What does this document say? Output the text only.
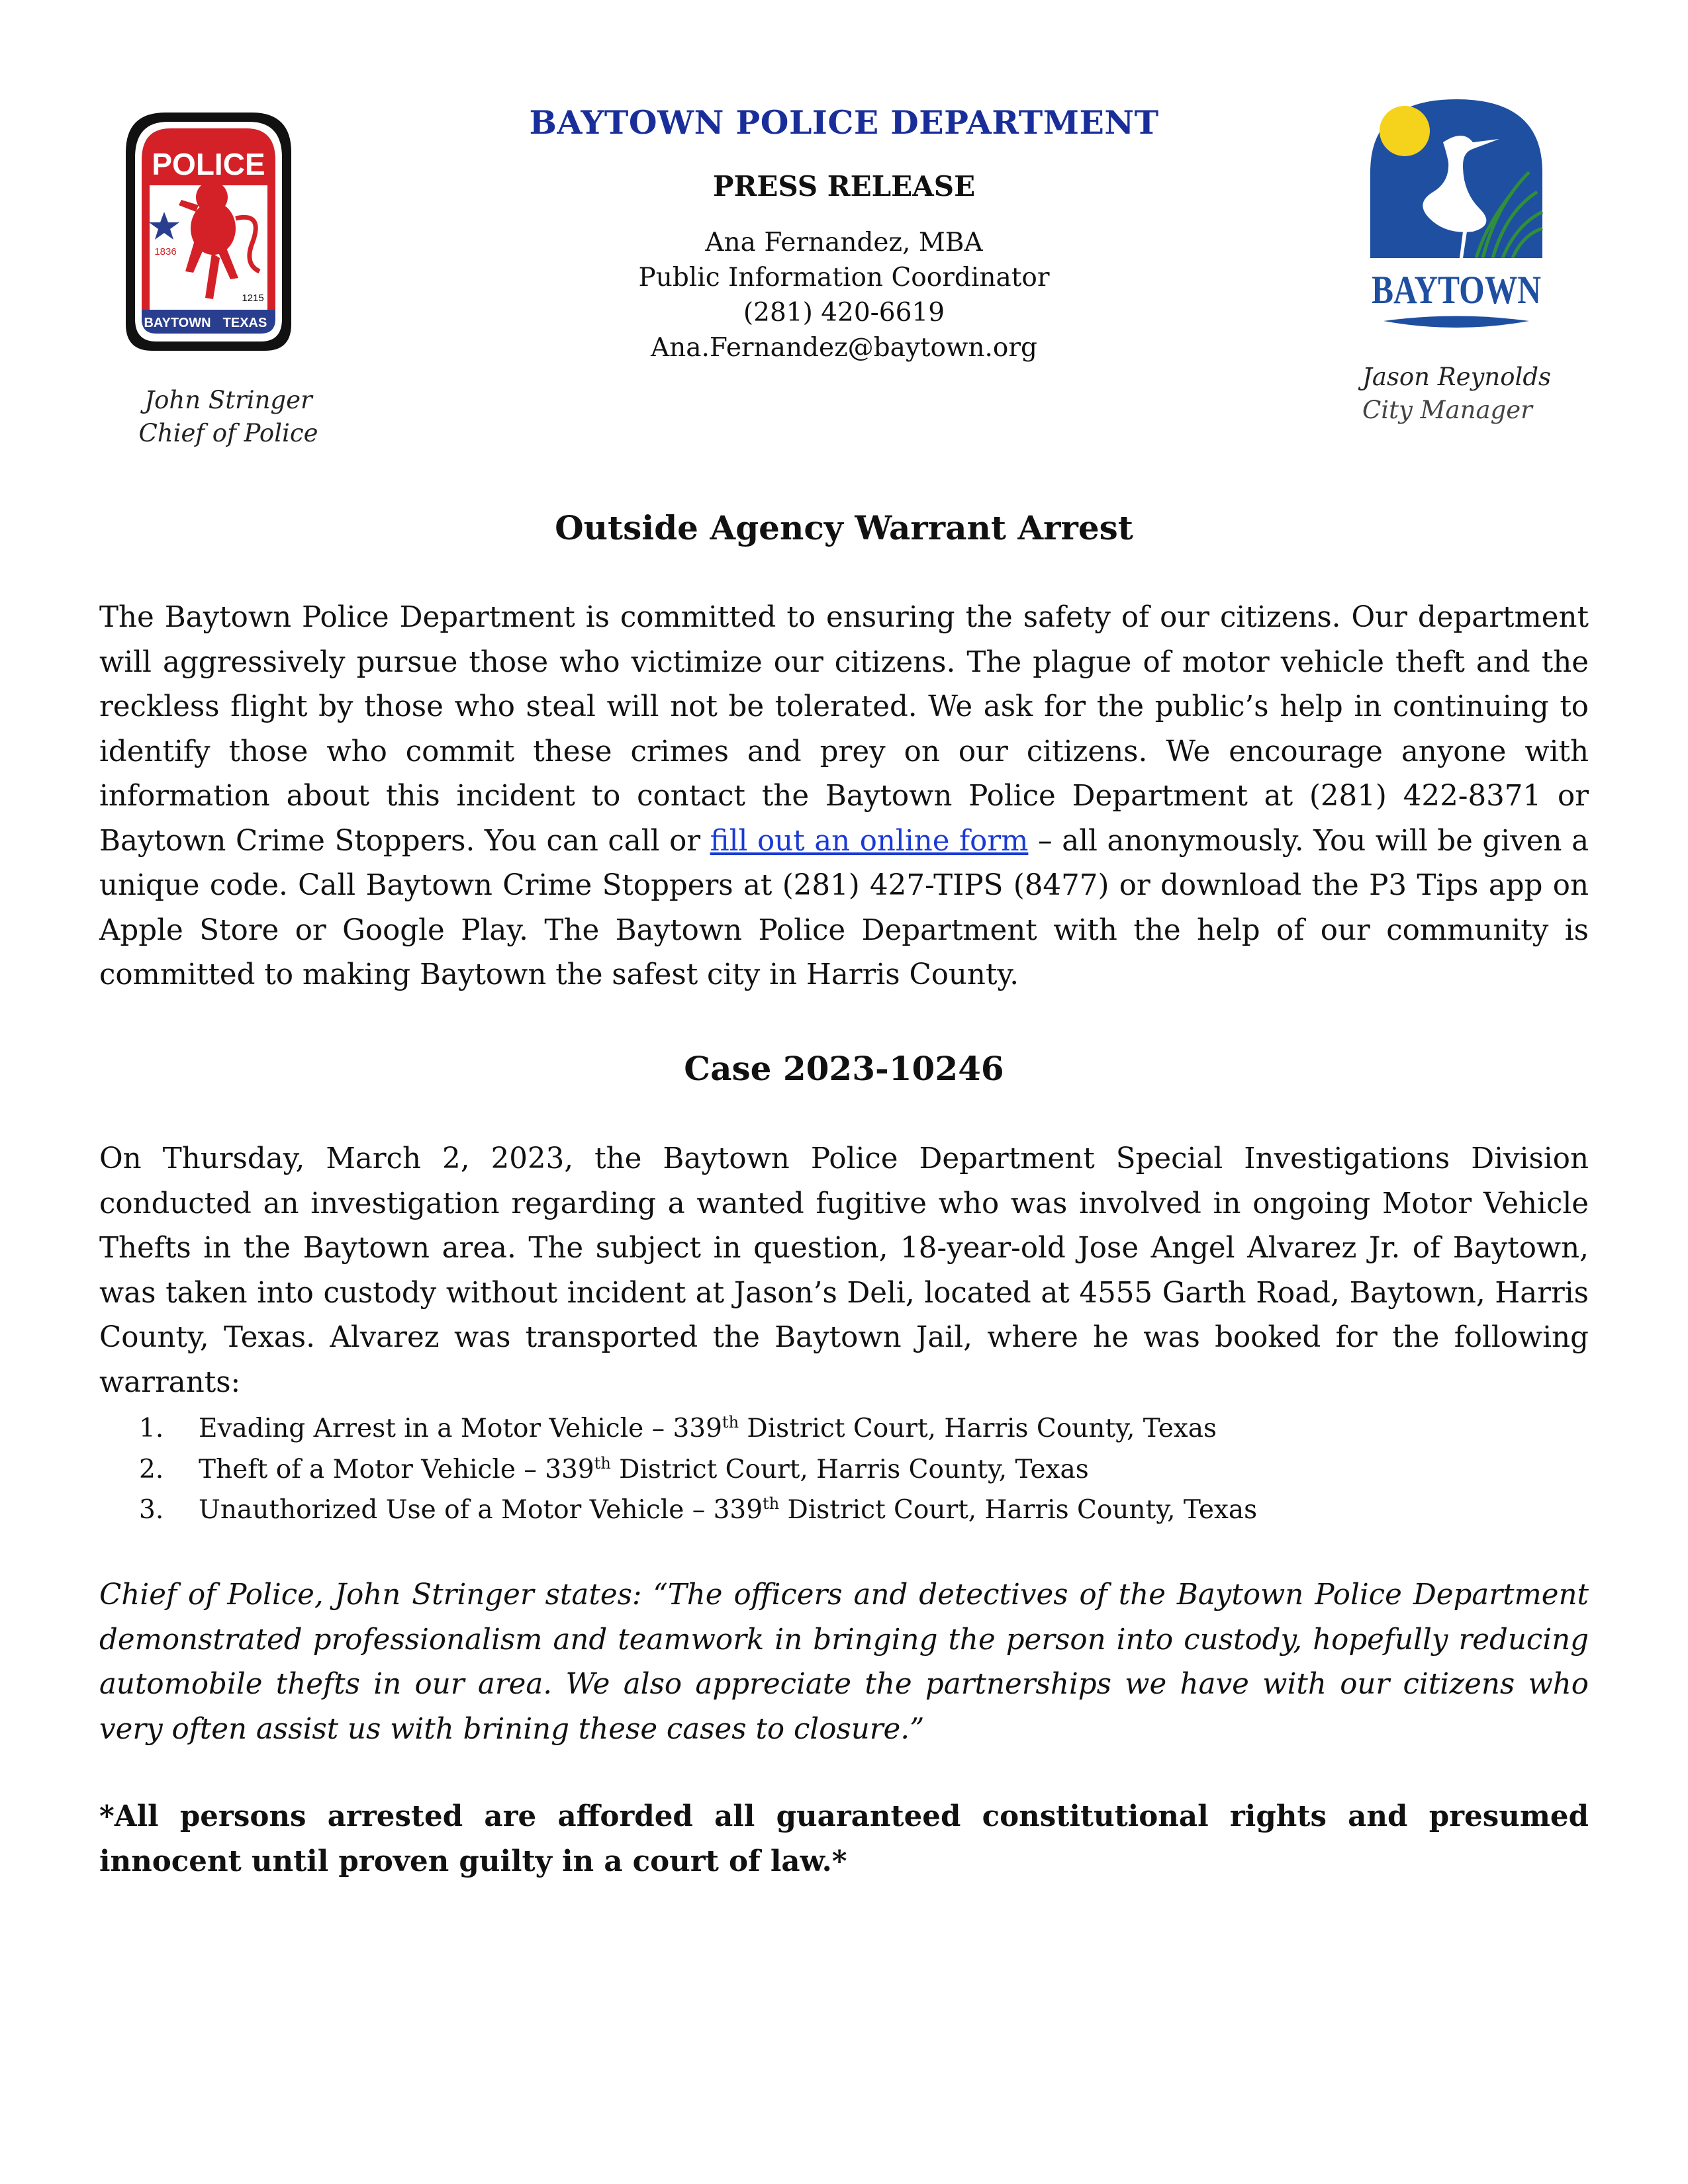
POLICE
1836
1215
BAYTOWN TEXAS
John Stringer
Chief of Police
BAYTOWN POLICE DEPARTMENT
PRESS RELEASE
Ana Fernandez, MBA
Public Information Coordinator
(281) 420-6619
Ana.Fernandez@baytown.org
BAYTOWN
Jason Reynolds
City Manager
Outside Agency Warrant Arrest

The Baytown Police Department is committed to ensuring the safety of our citizens. Our department will aggressively pursue those who victimize our citizens. The plague of motor vehicle theft and the reckless flight by those who steal will not be tolerated. We ask for the public’s help in continuing to identify those who commit these crimes and prey on our citizens. We encourage anyone with information about this incident to contact the Baytown Police Department at (281) 422-8371 or Baytown Crime Stoppers. You can call or fill out an online form – all anonymously. You will be given a unique code. Call Baytown Crime Stoppers at (281) 427-TIPS (8477) or download the P3 Tips app on Apple Store or Google Play. The Baytown Police Department with the help of our community is committed to making Baytown the safest city in Harris County.

Case 2023-10246

On Thursday, March 2, 2023, the Baytown Police Department Special Investigations Division conducted an investigation regarding a wanted fugitive who was involved in ongoing Motor Vehicle Thefts in the Baytown area. The subject in question, 18-year-old Jose Angel Alvarez Jr. of Baytown, was taken into custody without incident at Jason’s Deli, located at 4555 Garth Road, Baytown, Harris County, Texas. Alvarez was transported the Baytown Jail, where he was booked for the following warrants:

1.	Evading Arrest in a Motor Vehicle – 339th District Court, Harris County, Texas
2.	Theft of a Motor Vehicle – 339th District Court, Harris County, Texas
3.	Unauthorized Use of a Motor Vehicle – 339th District Court, Harris County, Texas

Chief of Police, John Stringer states: “The officers and detectives of the Baytown Police Department demonstrated professionalism and teamwork in bringing the person into custody, hopefully reducing automobile thefts in our area. We also appreciate the partnerships we have with our citizens who very often assist us with brining these cases to closure.”

*All persons arrested are afforded all guaranteed constitutional rights and presumed innocent until proven guilty in a court of law.*
